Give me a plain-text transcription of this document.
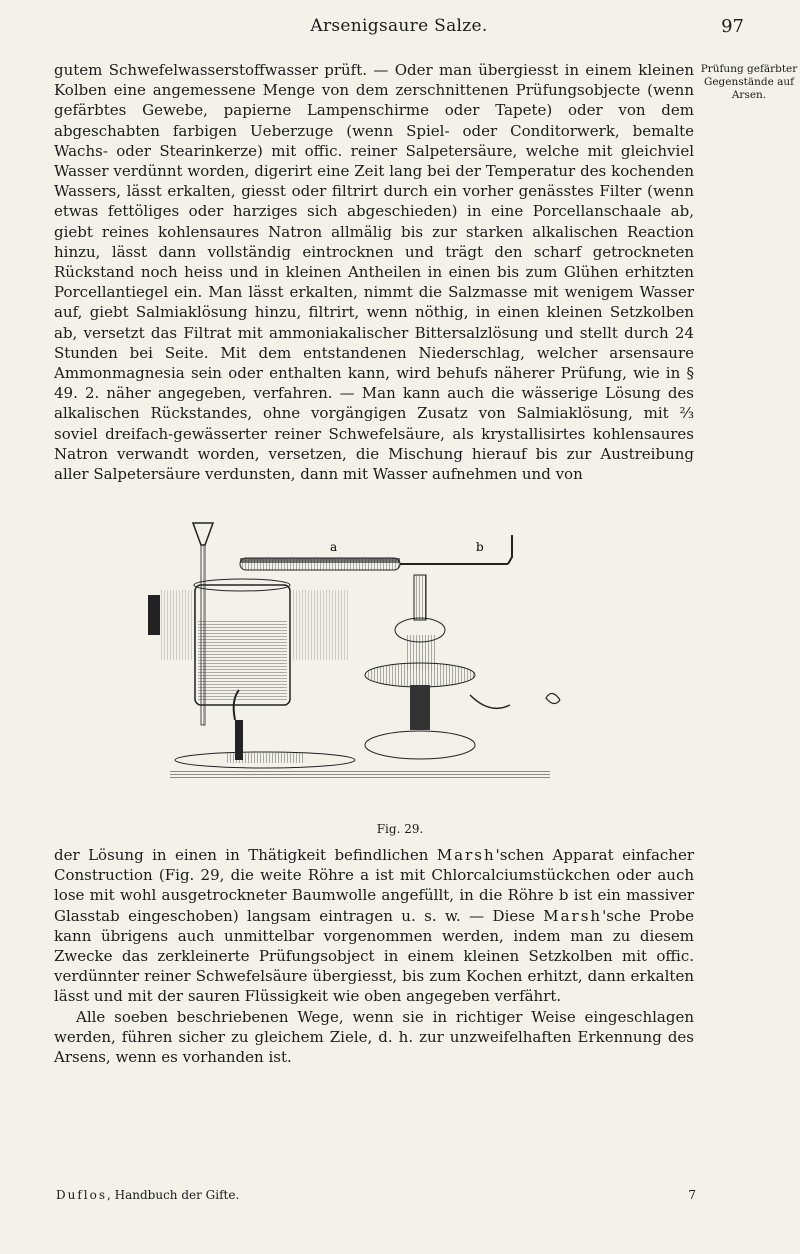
Arsenigsaure Salze.	97
Prüfung gefärbter Gegenstände auf Arsen.

gutem Schwefelwasserstoffwasser prüft. — Oder man übergiesst in einem kleinen Kolben eine angemessene Menge von dem zerschnittenen Prüfungsobjecte (wenn gefärbtes Gewebe, papierne Lampenschirme oder Tapete) oder von dem abgeschabten farbigen Ueberzuge (wenn Spiel- oder Conditorwerk, bemalte Wachs- oder Stearinkerze) mit offic. reiner Salpetersäure, welche mit gleichviel Wasser verdünnt worden, digerirt eine Zeit lang bei der Temperatur des kochenden Wassers, lässt erkalten, giesst oder filtrirt durch ein vorher genässtes Filter (wenn etwas fettöliges oder harziges sich abgeschieden) in eine Porcellanschaale ab, giebt reines kohlensaures Natron allmälig bis zur starken alkalischen Reaction hinzu, lässt dann vollständig eintrocknen und trägt den scharf getrockneten Rückstand noch heiss und in kleinen Antheilen in einen bis zum Glühen erhitzten Porcellantiegel ein. Man lässt erkalten, nimmt die Salzmasse mit wenigem Wasser auf, giebt Salmiaklösung hinzu, filtrirt, wenn nöthig, in einen kleinen Setzkolben ab, versetzt das Filtrat mit ammoniakalischer Bittersalzlösung und stellt durch 24 Stunden bei Seite. Mit dem entstandenen Niederschlag, welcher arsensaure Ammonmagnesia sein oder enthalten kann, wird behufs näherer Prüfung, wie in § 49. 2. näher angegeben, verfahren. — Man kann auch die wässerige Lösung des alkalischen Rückstandes, ohne vorgängigen Zusatz von Salmiaklösung, mit ⅔ soviel dreifach-gewässerter reiner Schwefelsäure, als krystallisirtes kohlensaures Natron verwandt worden, versetzen, die Mischung hierauf bis zur Austreibung aller Salpetersäure verdunsten, dann mit Wasser aufnehmen und von

a	b
Fig. 29.

der Lösung in einen in Thätigkeit befindlichen Marsh'schen Apparat einfacher Construction (Fig. 29, die weite Röhre a ist mit Chlorcalciumstückchen oder auch lose mit wohl ausgetrockneter Baumwolle angefüllt, in die Röhre b ist ein massiver Glasstab eingeschoben) langsam eintragen u. s. w. — Diese Marsh'sche Probe kann übrigens auch unmittelbar vorgenommen werden, indem man zu diesem Zwecke das zerkleinerte Prüfungsobject in einem kleinen Setzkolben mit offic. verdünnter reiner Schwefelsäure übergiesst, bis zum Kochen erhitzt, dann erkalten lässt und mit der sauren Flüssigkeit wie oben angegeben verfährt.

Alle soeben beschriebenen Wege, wenn sie in richtiger Weise eingeschlagen werden, führen sicher zu gleichem Ziele, d. h. zur unzweifelhaften Erkennung des Arsens, wenn es vorhanden ist.

Duflos, Handbuch der Gifte.	7
